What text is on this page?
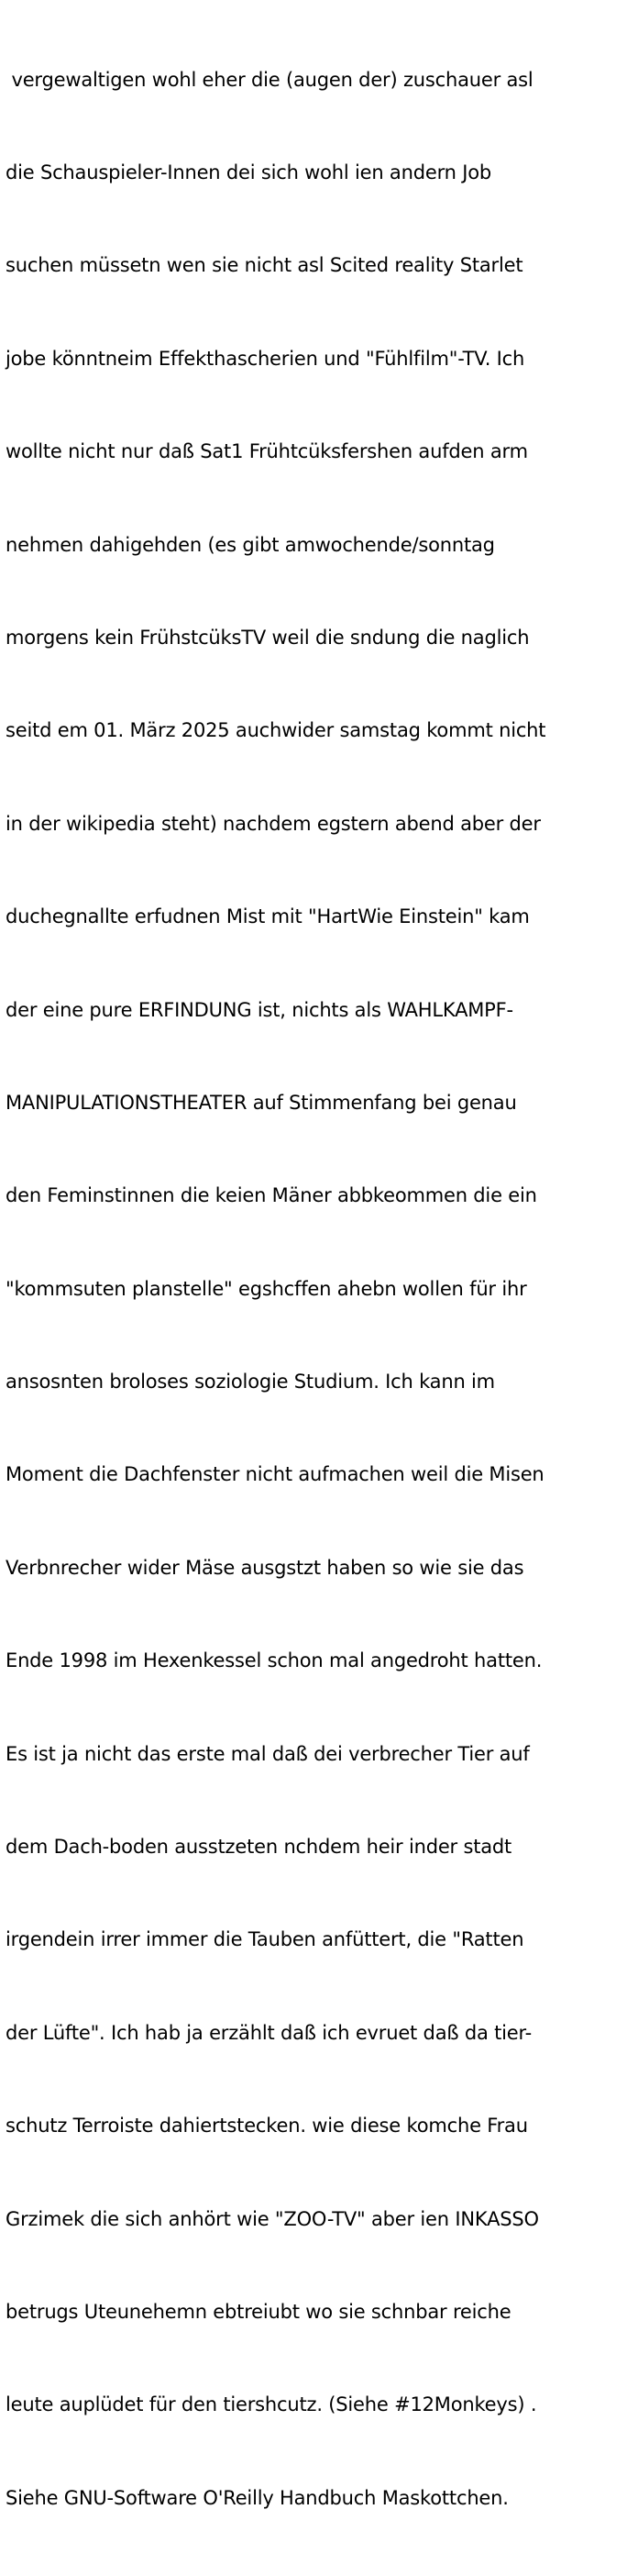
vergewaltigen wohl eher die (augen der) zuschauer asl

die Schauspieler-Innen dei sich wohl ien andern Job

suchen müssetn wen sie nicht asl Scited reality Starlet

jobe könntneim Effekthascherien und "Fühlfilm"-TV. Ich

wollte nicht nur daß Sat1 Frühtcüksfershen aufden arm

nehmen dahigehden (es gibt amwochende/sonntag

morgens kein FrühstcüksTV weil die sndung die naglich

seitd em 01. März 2025 auchwider samstag kommt nicht

in der wikipedia steht) nachdem egstern abend aber der

duchegnallte erfudnen Mist mit "HartWie Einstein" kam

der eine pure ERFINDUNG ist, nichts als WAHLKAMPF-

MANIPULATIONSTHEATER auf Stimmenfang bei genau

den Feminstinnen die keien Mäner abbkeommen die ein

"kommsuten planstelle" egshcffen ahebn wollen für ihr

ansosnten broloses soziologie Studium. Ich kann im

Moment die Dachfenster nicht aufmachen weil die Misen

Verbnrecher wider Mäse ausgstzt haben so wie sie das

Ende 1998 im Hexenkessel schon mal angedroht hatten.

Es ist ja nicht das erste mal daß dei verbrecher Tier auf

dem Dach-boden ausstzeten nchdem heir inder stadt

irgendein irrer immer die Tauben anfüttert, die "Ratten

der Lüfte". Ich hab ja erzählt daß ich evruet daß da tier-

schutz Terroiste dahiertstecken. wie diese komche Frau

Grzimek die sich anhört wie "ZOO-TV" aber ien INKASSO

betrugs Uteunehemn ebtreiubt wo sie schnbar reiche

leute auplüdet für den tiershcutz. (Siehe #12Monkeys) .

Siehe GNU-Software O'Reilly Handbuch Maskottchen.
